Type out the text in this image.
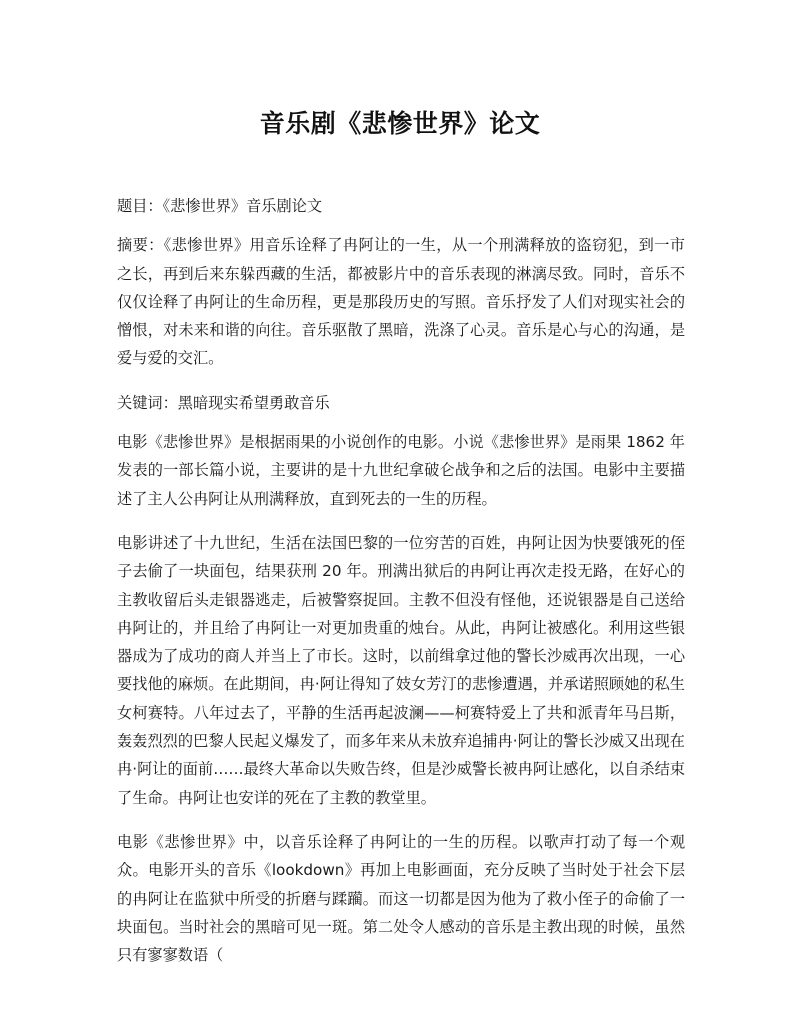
音乐剧《悲惨世界》论文

题目：《悲惨世界》音乐剧论文

摘要：《悲惨世界》用音乐诠释了冉阿让的一生，从一个刑满释放的盗窃犯，到一市之长，再到后来东躲西藏的生活，都被影片中的音乐表现的淋漓尽致。同时，音乐不仅仅诠释了冉阿让的生命历程，更是那段历史的写照。音乐抒发了人们对现实社会的憎恨，对未来和谐的向往。音乐驱散了黑暗，洗涤了心灵。音乐是心与心的沟通，是爱与爱的交汇。

关键词：黑暗现实希望勇敢音乐

电影《悲惨世界》是根据雨果的小说创作的电影。小说《悲惨世界》是雨果 1862 年发表的一部长篇小说，主要讲的是十九世纪拿破仑战争和之后的法国。电影中主要描述了主人公冉阿让从刑满释放，直到死去的一生的历程。

电影讲述了十九世纪，生活在法国巴黎的一位穷苦的百姓，冉阿让因为快要饿死的侄子去偷了一块面包，结果获刑 20 年。刑满出狱后的冉阿让再次走投无路，在好心的主教收留后头走银器逃走，后被警察捉回。主教不但没有怪他，还说银器是自己送给冉阿让的，并且给了冉阿让一对更加贵重的烛台。从此，冉阿让被感化。利用这些银器成为了成功的商人并当上了市长。这时，以前缉拿过他的警长沙威再次出现，一心要找他的麻烦。在此期间，冉·阿让得知了妓女芳汀的悲惨遭遇，并承诺照顾她的私生女柯赛特。八年过去了，平静的生活再起波澜——柯赛特爱上了共和派青年马吕斯，轰轰烈烈的巴黎人民起义爆发了，而多年来从未放弃追捕冉·阿让的警长沙威又出现在冉·阿让的面前……最终大革命以失败告终，但是沙威警长被冉阿让感化，以自杀结束了生命。冉阿让也安详的死在了主教的教堂里。

电影《悲惨世界》中，以音乐诠释了冉阿让的一生的历程。以歌声打动了每一个观众。电影开头的音乐《lookdown》再加上电影画面，充分反映了当时处于社会下层的冉阿让在监狱中所受的折磨与蹂躏。而这一切都是因为他为了救小侄子的命偷了一块面包。当时社会的黑暗可见一斑。第二处令人感动的音乐是主教出现的时候，虽然只有寥寥数语（
